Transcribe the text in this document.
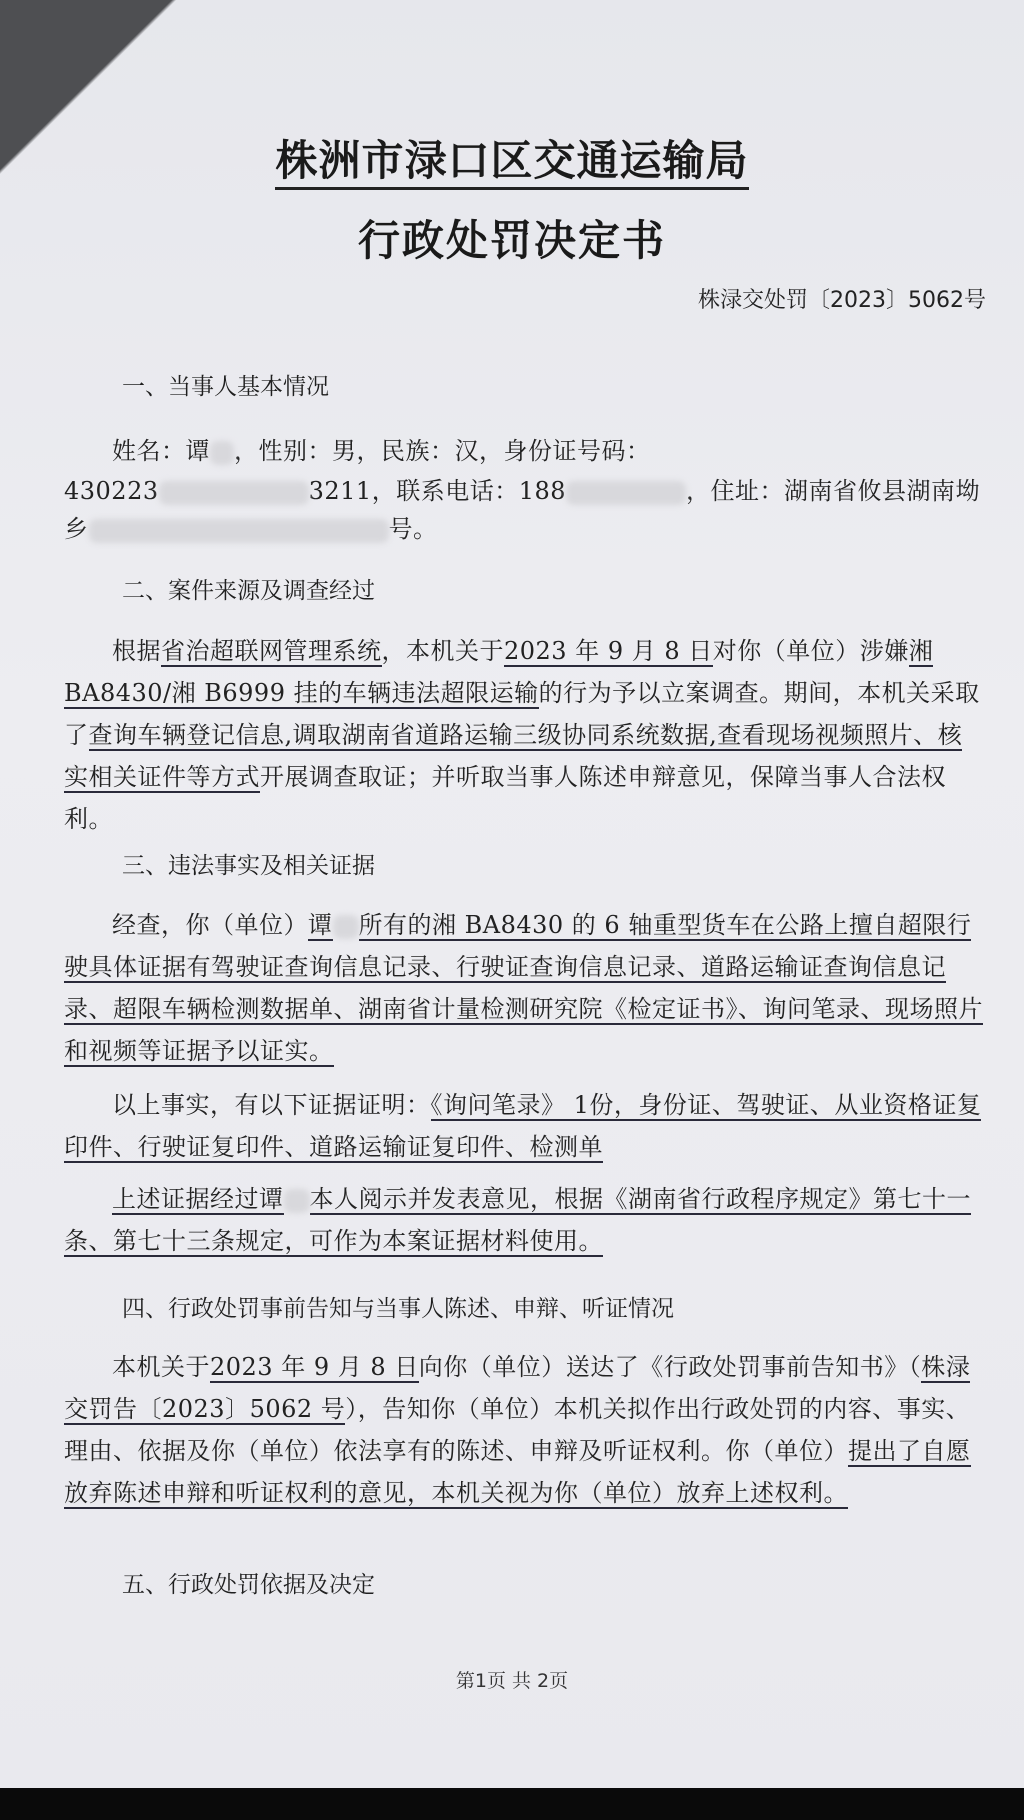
株洲市渌口区交通运输局
行政处罚决定书
株渌交处罚〔2023〕5062号
一、当事人基本情况
姓名：谭 ，性别：男，民族：汉，身份证号码：
430223	3211，联系电话：188	，住址：湖南省攸县湖南坳
乡	号。
二、案件来源及调查经过
根据省治超联网管理系统，本机关于2023 年 9 月 8 日对你（单位）涉嫌湘 BA8430/湘 B6999 挂的车辆违法超限运输的行为予以立案调查。期间，本机关采取了查询车辆登记信息,调取湖南省道路运输三级协同系统数据,查看现场视频照片、核实相关证件等方式开展调查取证；并听取当事人陈述申辩意见，保障当事人合法权利。
三、违法事实及相关证据
经查，你（单位）谭 所有的湘 BA8430 的 6 轴重型货车在公路上擅自超限行驶具体证据有驾驶证查询信息记录、行驶证查询信息记录、道路运输证查询信息记录、超限车辆检测数据单、湖南省计量检测研究院《检定证书》、询问笔录、现场照片和视频等证据予以证实。
以上事实，有以下证据证明：《询问笔录》 1份，身份证、驾驶证、从业资格证复印件、行驶证复印件、道路运输证复印件、检测单
上述证据经过谭 本人阅示并发表意见，根据《湖南省行政程序规定》第七十一条、第七十三条规定，可作为本案证据材料使用。
四、行政处罚事前告知与当事人陈述、申辩、听证情况
本机关于2023 年 9 月 8 日向你（单位）送达了《行政处罚事前告知书》（株渌交罚告〔2023〕5062 号），告知你（单位）本机关拟作出行政处罚的内容、事实、理由、依据及你（单位）依法享有的陈述、申辩及听证权利。你（单位）提出了自愿放弃陈述申辩和听证权利的意见，本机关视为你（单位）放弃上述权利。
五、行政处罚依据及决定
第1页 共 2页
